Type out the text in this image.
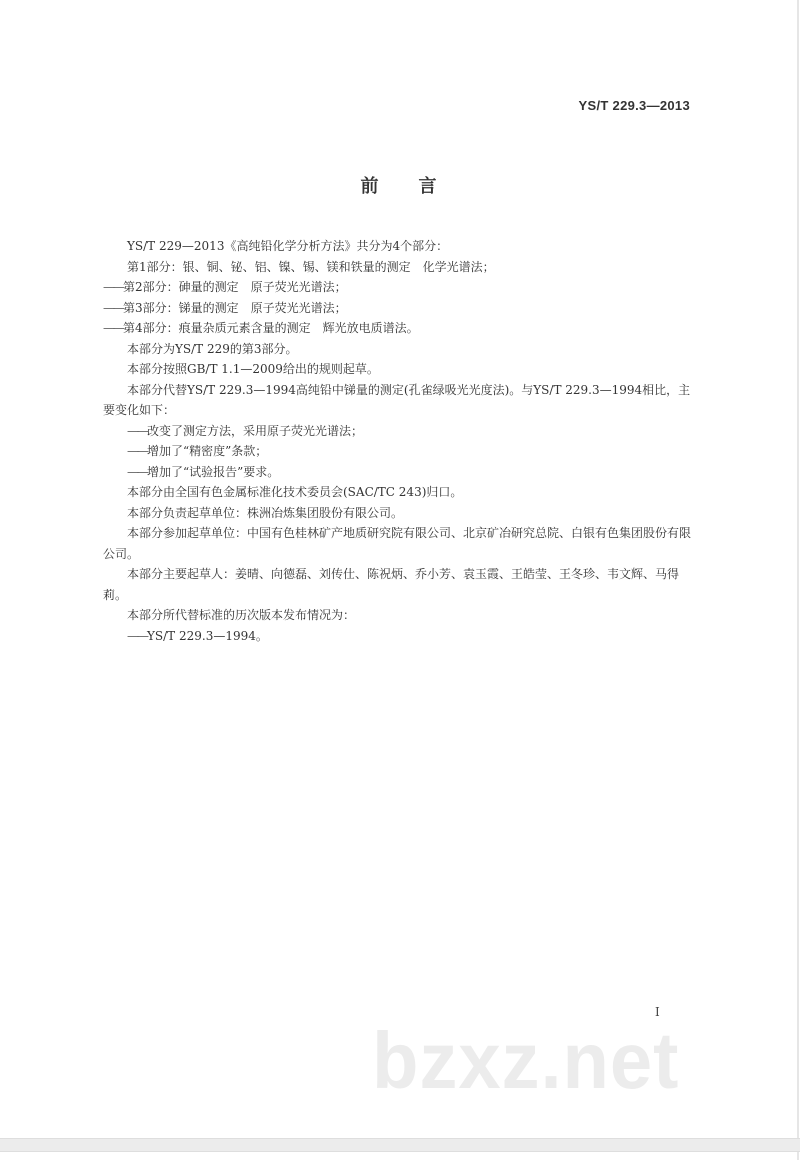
YS/T 229.3—2013
前言

YS/T 229—2013《高纯铅化学分析方法》共分为4个部分：

第1部分：银、铜、铋、铝、镍、锡、镁和铁量的测定　化学光谱法；

—— 第2部分：砷量的测定　原子荧光光谱法；

—— 第3部分：锑量的测定　原子荧光光谱法；

—— 第4部分：痕量杂质元素含量的测定　辉光放电质谱法。

本部分为YS/T 229的第3部分。

本部分按照GB/T 1.1—2009给出的规则起草。

本部分代替YS/T 229.3—1994高纯铅中锑量的测定(孔雀绿吸光光度法)。与YS/T 229.3—1994相比，主要变化如下：

—— 改变了测定方法，采用原子荧光光谱法；

—— 增加了“精密度”条款；

—— 增加了“试验报告”要求。

本部分由全国有色金属标准化技术委员会(SAC/TC 243)归口。

本部分负责起草单位：株洲冶炼集团股份有限公司。

本部分参加起草单位：中国有色桂林矿产地质研究院有限公司、北京矿冶研究总院、白银有色集团股份有限公司。

本部分主要起草人：姜晴、向德磊、刘传仕、陈祝炳、乔小芳、袁玉霞、王皓莹、王冬珍、韦文辉、马得莉。

本部分所代替标准的历次版本发布情况为：

—— YS/T 229.3—1994。

I
bzxz.net
